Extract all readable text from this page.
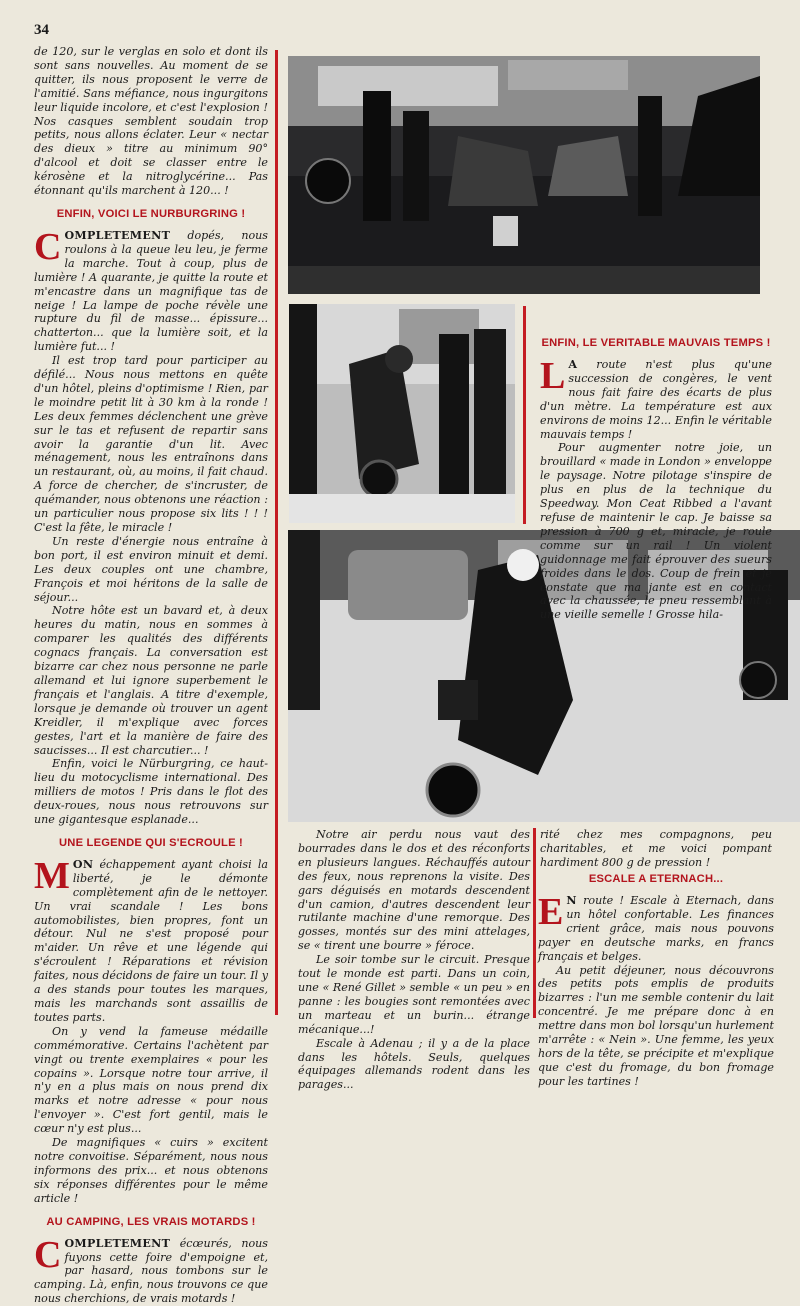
34

de 120, sur le verglas en solo et dont ils sont sans nouvelles. Au moment de se quitter, ils nous proposent le verre de l'amitié. Sans méfiance, nous ingurgitons leur liquide incolore, et c'est l'explosion ! Nos casques semblent soudain trop petits, nous allons éclater. Leur « nectar des dieux » titre au minimum 90° d'alcool et doit se classer entre le kérosène et la nitroglycérine... Pas étonnant qu'ils marchent à 120... !

ENFIN, VOICI LE NURBURGRING !

COMPLETEMENT dopés, nous roulons à la queue leu leu, je ferme la marche. Tout à coup, plus de lumière ! A quarante, je quitte la route et m'encastre dans un magnifique tas de neige ! La lampe de poche révèle une rupture du fil de masse... épissure... chatterton... que la lumière soit, et la lumière fut... !

Il est trop tard pour participer au défilé... Nous nous mettons en quête d'un hôtel, pleins d'optimisme ! Rien, par le moindre petit lit à 30 km à la ronde ! Les deux femmes déclenchent une grève sur le tas et refusent de repartir sans avoir la garantie d'un lit. Avec ménagement, nous les entraînons dans un restaurant, où, au moins, il fait chaud. A force de chercher, de s'incruster, de quémander, nous obtenons une réaction : un particulier nous propose six lits ! ! ! C'est la fête, le miracle !

Un reste d'énergie nous entraîne à bon port, il est environ minuit et demi. Les deux couples ont une chambre, François et moi héritons de la salle de séjour...

Notre hôte est un bavard et, à deux heures du matin, nous en sommes à comparer les qualités des différents cognacs français. La conversation est bizarre car chez nous personne ne parle allemand et lui ignore superbement le français et l'anglais. A titre d'exemple, lorsque je demande où trouver un agent Kreidler, il m'explique avec forces gestes, l'art et la manière de faire des saucisses... Il est charcutier... !

Enfin, voici le Nürburgring, ce haut-lieu du motocyclisme international. Des milliers de motos ! Pris dans le flot des deux-roues, nous nous retrouvons sur une gigantesque esplanade...

UNE LEGENDE QUI S'ECROULE !

MON échappement ayant choisi la liberté, je le démonte complètement afin de le nettoyer. Un vrai scandale ! Les bons automobilistes, bien propres, font un détour. Nul ne s'est proposé pour m'aider. Un rêve et une légende qui s'écroulent ! Réparations et révision faites, nous décidons de faire un tour. Il y a des stands pour toutes les marques, mais les marchands sont assaillis de toutes parts.

On y vend la fameuse médaille commémorative. Certains l'achètent par vingt ou trente exemplaires « pour les copains ». Lorsque notre tour arrive, il n'y en a plus mais on nous prend dix marks et notre adresse « pour nous l'envoyer ». C'est fort gentil, mais le cœur n'y est plus...

De magnifiques « cuirs » excitent notre convoitise. Séparément, nous nous informons des prix... et nous obtenons six réponses différentes pour le même article !

AU CAMPING, LES VRAIS MOTARDS !

COMPLETEMENT écœurés, nous fuyons cette foire d'empoigne et, par hasard, nous tombons sur le camping. Là, enfin, nous trouvons ce que nous cherchions, de vrais motards !

Notre air perdu nous vaut des bourrades dans le dos et des réconforts en plusieurs langues. Réchauffés autour des feux, nous reprenons la visite. Des gars déguisés en motards descendent d'un camion, d'autres descendent leur rutilante machine d'une remorque. Des gosses, montés sur des mini attelages, se « tirent une bourre » féroce.

Le soir tombe sur le circuit. Presque tout le monde est parti. Dans un coin, une « René Gillet » semble « un peu » en panne : les bougies sont remontées avec un marteau et un burin... étrange mécanique...!

Escale à Adenau ; il y a de la place dans les hôtels. Seuls, quelques équipages allemands rodent dans les parages...

ENFIN, LE VERITABLE MAUVAIS TEMPS !

L A route n'est plus qu'une succession de congères, le vent nous fait faire des écarts de plus d'un mètre. La température est aux environs de moins 12... Enfin le véritable mauvais temps !

Pour augmenter notre joie, un brouillard « made in London » enveloppe le paysage. Notre pilotage s'inspire de plus en plus de la technique du Speedway. Mon Ceat Ribbed a l'avant refuse de maintenir le cap. Je baisse sa pression à 700 g et, miracle, je roule comme sur un rail ! Un violent guidonnage me fait éprouver des sueurs froides dans le dos. Coup de frein et je constate que ma jante est en contact avec la chaussée, le pneu ressemblant à une vieille semelle ! Grosse hila-

rité chez mes compagnons, peu charitables, et me voici pompant hardiment 800 g de pression !

ESCALE A ETERNACH...

E N route ! Escale à Eternach, dans un hôtel confortable. Les finances crient grâce, mais nous pouvons payer en deutsche marks, en francs français et belges.

Au petit déjeuner, nous découvrons des petits pots emplis de produits bizarres : l'un me semble contenir du lait concentré. Je me prépare donc à en mettre dans mon bol lorsqu'un hurlement m'arrête : « Nein ». Une femme, les yeux hors de la tête, se précipite et m'explique que c'est du fromage, du bon fromage pour les tartines !
